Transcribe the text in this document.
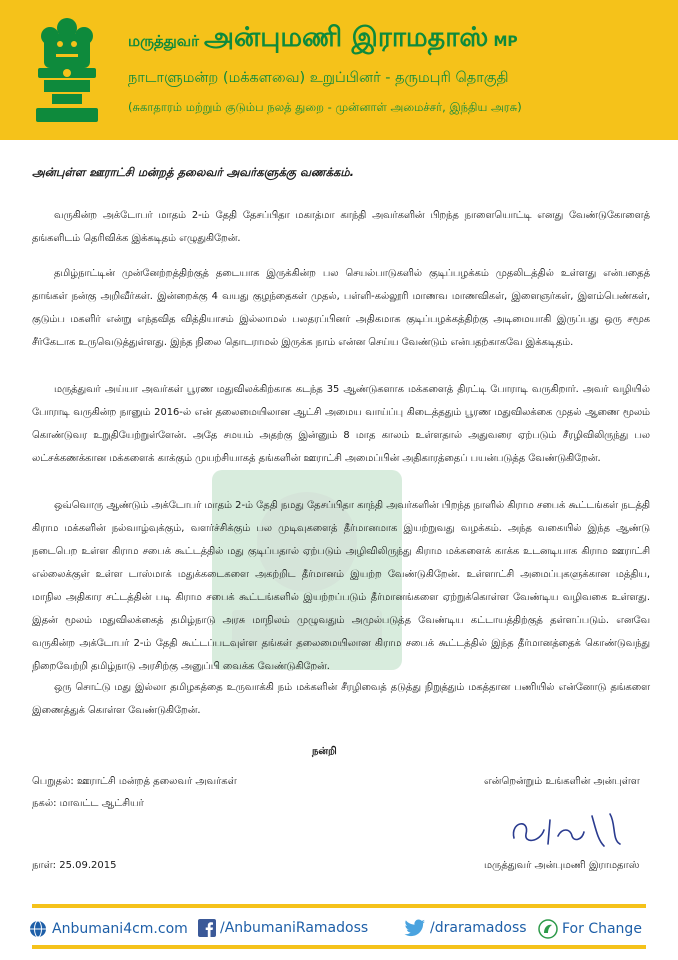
மருத்துவர் அன்புமணி இராமதாஸ் MP
நாடாளுமன்ற (மக்களவை) உறுப்பினர் - தருமபுரி தொகுதி
(சுகாதாரம் மற்றும் குடும்ப நலத் துறை - முன்னாள் அமைச்சர், இந்திய அரசு)
அன்புள்ள ஊராட்சி மன்றத் தலைவர் அவர்களுக்கு வணக்கம்.
வருகின்ற அக்டோபர் மாதம் 2-ம் தேதி தேசப்பிதா மகாத்மா காந்தி அவர்களின் பிறந்த நாளையொட்டி எனது வேண்டுகோளைத் தங்களிடம் தெரிவிக்க இக்கடிதம் எழுதுகிறேன்.
தமிழ்நாட்டின் முன்னேற்றத்திற்குத் தடையாக இருக்கின்ற பல செயல்பாடுகளில் குடிப்பழக்கம் முதலிடத்தில் உள்ளது என்பதைத் தாங்கள் நன்கு அறிவீர்கள். இன்றைக்கு 4 வயது குழந்தைகள் முதல், பள்ளி-கல்லூரி மாணவ மாணவிகள், இளைஞர்கள், இளம்பெண்கள், குடும்ப மகளிர் என்று எந்தவித வித்தியாசம் இல்லாமல் பலதரப்பினர் அதிகமாக குடிப்பழக்கத்திற்கு அடிமையாகி இருப்பது ஒரு சமூக சீர்கேடாக உருவெடுத்துள்ளது. இந்த நிலை தொடராமல் இருக்க நாம் என்ன செய்ய வேண்டும் என்பதற்காகவே இக்கடிதம்.
மருத்துவர் அய்யா அவர்கள் பூரண மதுவிலக்கிற்காக கடந்த 35 ஆண்டுகளாக மக்களைத் திரட்டி போராடி வருகிறார். அவர் வழியில் போராடி வருகின்ற நானும் 2016-ல் என் தலைமையிலான ஆட்சி அமைய வாய்ப்பு கிடைத்ததும் பூரண மதுவிலக்கை முதல் ஆணை மூலம் கொண்டுவர உறுதியேற்றுள்ளேன். அதே சமயம் அதற்கு இன்னும் 8 மாத காலம் உள்ளதால் அதுவரை ஏற்படும் சீரழிவிலிருந்து பல லட்சக்கணக்கான மக்களைக் காக்கும் முயற்சியாகத் தங்களின் ஊராட்சி அமைப்பின் அதிகாரத்தைப் பயன்படுத்த வேண்டுகிறேன்.
ஒவ்வொரு ஆண்டும் அக்டோபர் மாதம் 2-ம் தேதி நமது தேசப்பிதா காந்தி அவர்களின் பிறந்த நாளில் கிராம சபைக் கூட்டங்கள் நடத்தி கிராம மக்களின் நல்வாழ்வுக்கும், வளர்ச்சிக்கும் பல முடிவுகளைத் தீர்மானமாக இயற்றுவது வழக்கம். அந்த வகையில் இந்த ஆண்டு நடைபெற உள்ள கிராம சபைக் கூட்டத்தில் மது குடிப்பதால் ஏற்படும் அழிவிலிருந்து கிராம மக்களைக் காக்க உடனடியாக கிராம ஊராட்சி எல்லைக்குள் உள்ள டாஸ்மாக் மதுக்கடைகளை அகற்றிட தீர்மானம் இயற்ற வேண்டுகிறேன். உள்ளாட்சி அமைப்புகளுக்கான மத்திய, மாநில அதிகார சட்டத்தின் படி கிராம சபைக் கூட்டங்களில் இயற்றப்படும் தீர்மானங்களை ஏற்றுக்கொள்ள வேண்டிய வழிவகை உள்ளது. இதன் மூலம் மதுவிலக்கைத் தமிழ்நாடு அரசு மாநிலம் முழுவதும் அமுல்படுத்த வேண்டிய கட்டாயத்திற்குத் தள்ளப்படும். எனவே வருகின்ற அக்டோபர் 2-ம் தேதி கூட்டப்படவுள்ள தங்கள் தலைமையிலான கிராம சபைக் கூட்டத்தில் இந்த தீர்மானத்தைக் கொண்டுவந்து நிறைவேற்றி தமிழ்நாடு அரசிற்கு அனுப்பி வைக்க வேண்டுகிறேன்.
ஒரு சொட்டு மது இல்லா தமிழகத்தை உருவாக்கி நம் மக்களின் சீரழிவைத் தடுத்து நிறுத்தும் மகத்தான பணியில் என்னோடு தங்களை இணைத்துக் கொள்ள வேண்டுகிறேன்.
நன்றி
பெறுதல்: ஊராட்சி மன்றத் தலைவர் அவர்கள்
நகல்: மாவட்ட ஆட்சியர்
நாள்: 25.09.2015
என்றென்றும் உங்களின் அன்புள்ள
மருத்துவர் அன்புமணி இராமதாஸ்
Anbumani4cm.com /AnbumaniRamadoss	/draramadoss	For Change
